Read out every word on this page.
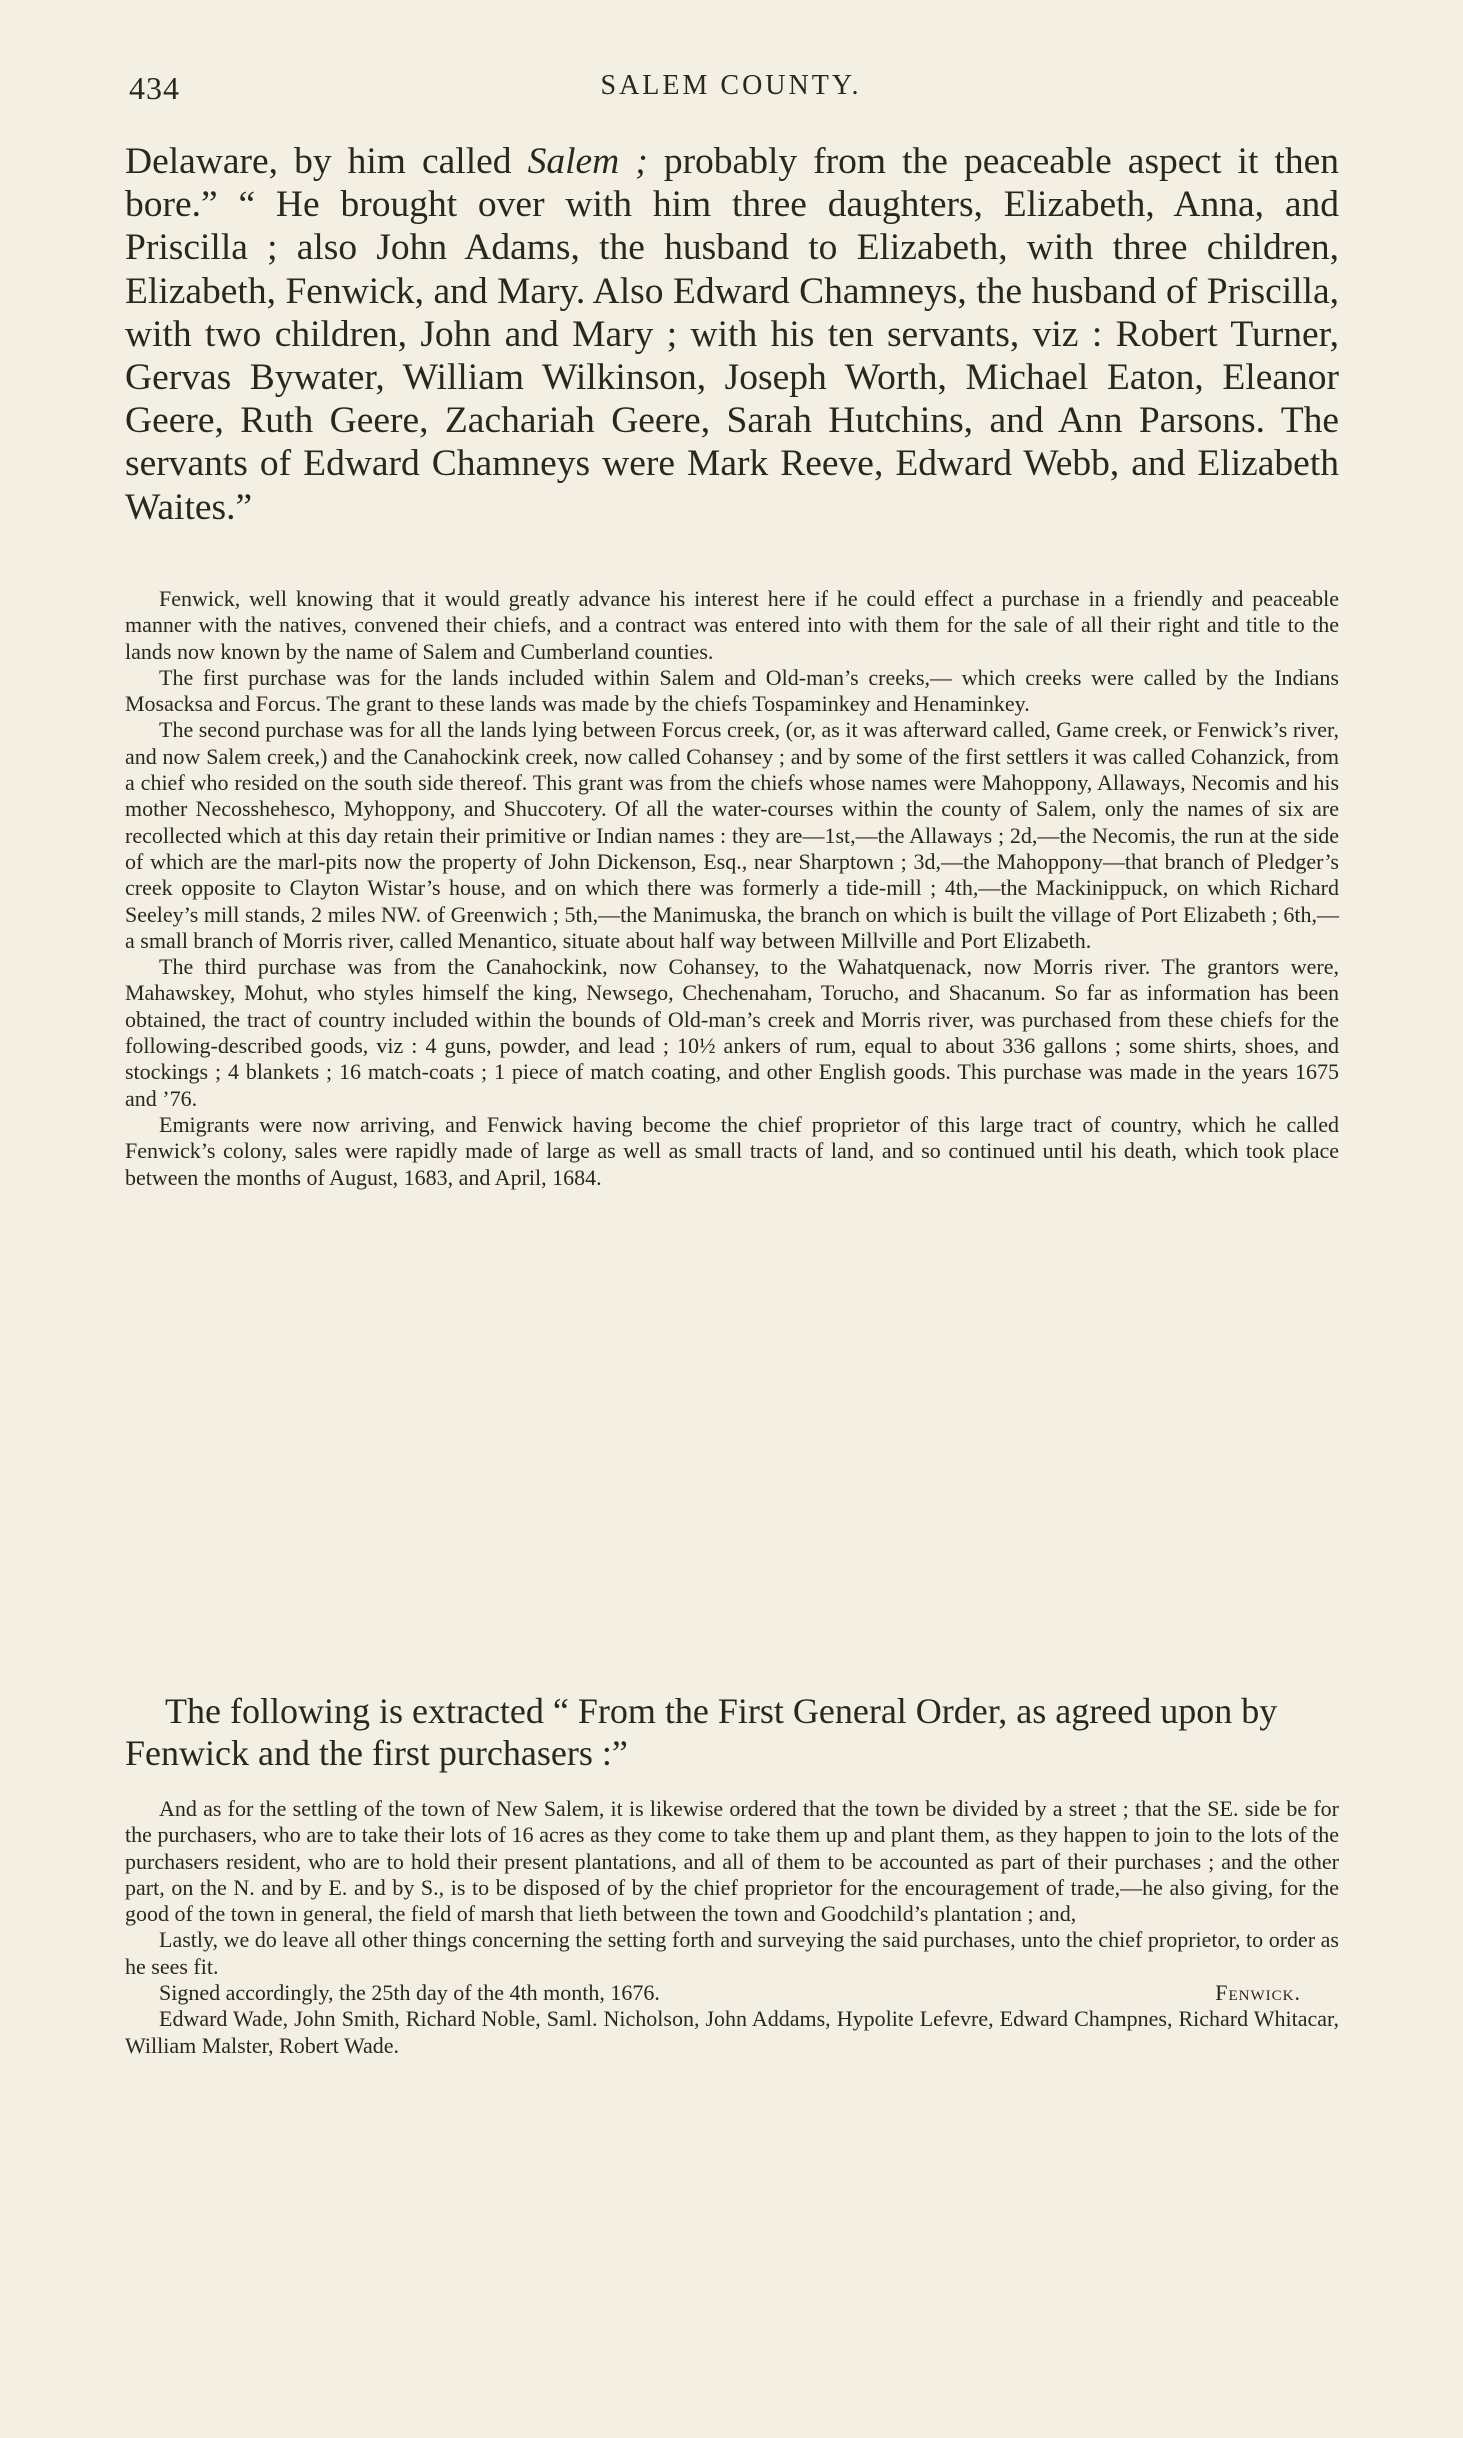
434	SALEM COUNTY.

Delaware, by him called Salem ; probably from the peaceable aspect it then bore.” “ He brought over with him three daughters, Elizabeth, Anna, and Priscilla ; also John Adams, the husband to Elizabeth, with three children, Elizabeth, Fenwick, and Mary. Also Edward Chamneys, the husband of Priscilla, with two children, John and Mary ; with his ten servants, viz : Robert Turner, Gervas Bywater, William Wilkinson, Joseph Worth, Michael Eaton, Eleanor Geere, Ruth Geere, Zachariah Geere, Sarah Hutchins, and Ann Parsons. The servants of Edward Chamneys were Mark Reeve, Edward Webb, and Elizabeth Waites.”

Fenwick, well knowing that it would greatly advance his interest here if he could effect a purchase in a friendly and peaceable manner with the natives, convened their chiefs, and a contract was entered into with them for the sale of all their right and title to the lands now known by the name of Salem and Cumberland counties.

The first purchase was for the lands included within Salem and Old-man’s creeks,— which creeks were called by the Indians Mosacksa and Forcus. The grant to these lands was made by the chiefs Tospaminkey and Henaminkey.

The second purchase was for all the lands lying between Forcus creek, (or, as it was afterward called, Game creek, or Fenwick’s river, and now Salem creek,) and the Canahockink creek, now called Cohansey ; and by some of the first settlers it was called Cohanzick, from a chief who resided on the south side thereof. This grant was from the chiefs whose names were Mahoppony, Allaways, Necomis and his mother Necosshehesco, Myhoppony, and Shuccotery. Of all the water-courses within the county of Salem, only the names of six are recollected which at this day retain their primitive or Indian names : they are—1st,—the Allaways ; 2d,—the Necomis, the run at the side of which are the marl-pits now the property of John Dickenson, Esq., near Sharptown ; 3d,—the Mahoppony—that branch of Pledger’s creek opposite to Clayton Wistar’s house, and on which there was formerly a tide-mill ; 4th,—the Mackinippuck, on which Richard Seeley’s mill stands, 2 miles NW. of Greenwich ; 5th,—the Manimuska, the branch on which is built the village of Port Elizabeth ; 6th,—a small branch of Morris river, called Menantico, situate about half way between Millville and Port Elizabeth.

The third purchase was from the Canahockink, now Cohansey, to the Wahatquenack, now Morris river. The grantors were, Mahawskey, Mohut, who styles himself the king, Newsego, Chechenaham, Torucho, and Shacanum. So far as information has been obtained, the tract of country included within the bounds of Old-man’s creek and Morris river, was purchased from these chiefs for the following-described goods, viz : 4 guns, powder, and lead ; 10½ ankers of rum, equal to about 336 gallons ; some shirts, shoes, and stockings ; 4 blankets ; 16 match-coats ; 1 piece of match coating, and other English goods. This purchase was made in the years 1675 and ’76.

Emigrants were now arriving, and Fenwick having become the chief proprietor of this large tract of country, which he called Fenwick’s colony, sales were rapidly made of large as well as small tracts of land, and so continued until his death, which took place between the months of August, 1683, and April, 1684.

The following is extracted “ From the First General Order, as agreed upon by Fenwick and the first purchasers :”

And as for the settling of the town of New Salem, it is likewise ordered that the town be divided by a street ; that the SE. side be for the purchasers, who are to take their lots of 16 acres as they come to take them up and plant them, as they happen to join to the lots of the purchasers resident, who are to hold their present plantations, and all of them to be accounted as part of their purchases ; and the other part, on the N. and by E. and by S., is to be disposed of by the chief proprietor for the encouragement of trade,—he also giving, for the good of the town in general, the field of marsh that lieth between the town and Goodchild’s plantation ; and,

Lastly, we do leave all other things concerning the setting forth and surveying the said purchases, unto the chief proprietor, to order as he sees fit.

Signed accordingly, the 25th day of the 4th month, 1676.	Fenwick.

Edward Wade, John Smith, Richard Noble, Saml. Nicholson, John Addams, Hypolite Lefevre, Edward Champnes, Richard Whitacar, William Malster, Robert Wade.
